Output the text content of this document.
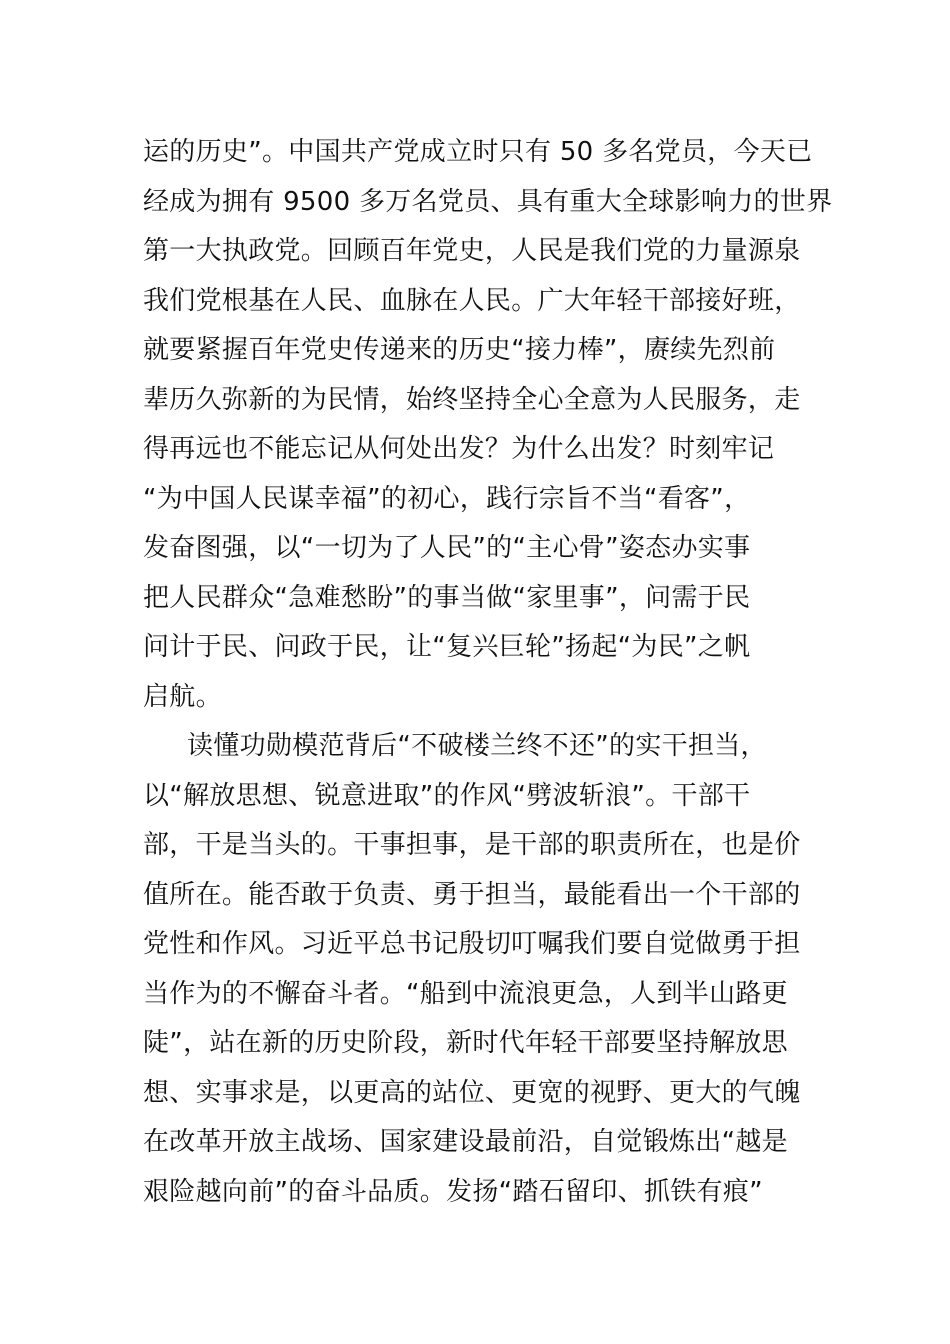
运的历史”。中国共产党成立时只有 50 多名党员，今天已
经成为拥有 9500 多万名党员、具有重大全球影响力的世界
第一大执政党。回顾百年党史，人民是我们党的力量源泉
我们党根基在人民、血脉在人民。广大年轻干部接好班，
就要紧握百年党史传递来的历史“接力棒”，赓续先烈前
辈历久弥新的为民情，始终坚持全心全意为人民服务，走
得再远也不能忘记从何处出发？为什么出发？时刻牢记
“为中国人民谋幸福”的初心，践行宗旨不当“看客”，
发奋图强，以“一切为了人民”的“主心骨”姿态办实事
把人民群众“急难愁盼”的事当做“家里事”，问需于民
问计于民、问政于民，让“复兴巨轮”扬起“为民”之帆
启航。
读懂功勋模范背后“不破楼兰终不还”的实干担当，
以“解放思想、锐意进取”的作风“劈波斩浪”。干部干
部，干是当头的。干事担事，是干部的职责所在，也是价
值所在。能否敢于负责、勇于担当，最能看出一个干部的
党性和作风。习近平总书记殷切叮嘱我们要自觉做勇于担
当作为的不懈奋斗者。“船到中流浪更急，人到半山路更
陡”，站在新的历史阶段，新时代年轻干部要坚持解放思
想、实事求是，以更高的站位、更宽的视野、更大的气魄
在改革开放主战场、国家建设最前沿，自觉锻炼出“越是
艰险越向前”的奋斗品质。发扬“踏石留印、抓铁有痕”
